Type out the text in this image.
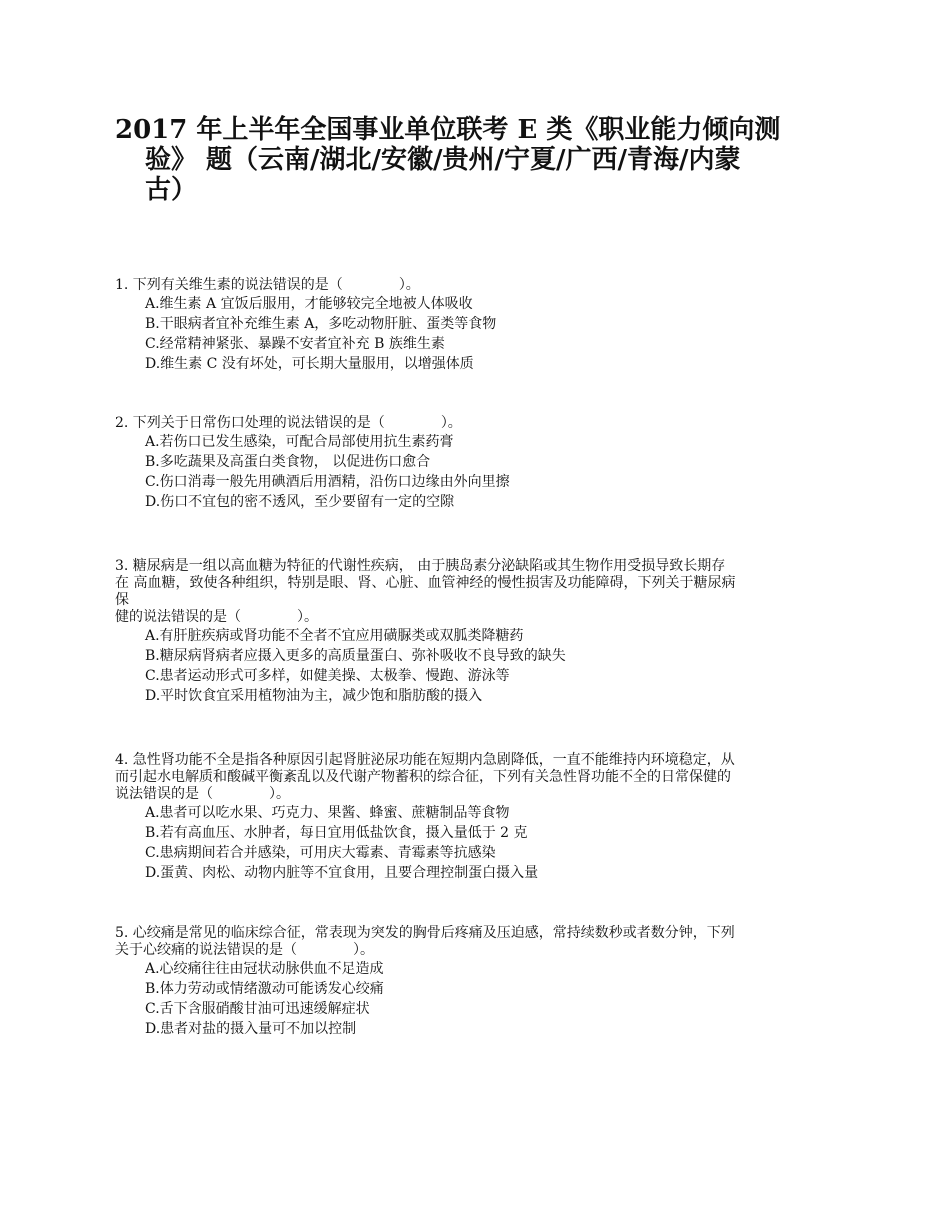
2017 年上半年全国事业单位联考 E 类《职业能力倾向测
验》 题（云南/湖北/安徽/贵州/宁夏/广西/青海/内蒙
古）
1. 下列有关维生素的说法错误的是（	）。
A.维生素 A 宜饭后服用，才能够较完全地被人体吸收
B.干眼病者宜补充维生素 A，多吃动物肝脏、蛋类等食物
C.经常精神紧张、暴躁不安者宜补充 B 族维生素
D.维生素 C 没有坏处，可长期大量服用，以增强体质
2. 下列关于日常伤口处理的说法错误的是（	）。
A.若伤口已发生感染，可配合局部使用抗生素药膏
B.多吃蔬果及高蛋白类食物， 以促进伤口愈合
C.伤口消毒一般先用碘酒后用酒精，沿伤口边缘由外向里擦
D.伤口不宜包的密不透风，至少要留有一定的空隙
3. 糖尿病是一组以高血糖为特征的代谢性疾病， 由于胰岛素分泌缺陷或其生物作用受损导致长期存
在 高血糖，致使各种组织，特别是眼、肾、心脏、血管神经的慢性损害及功能障碍，下列关于糖尿病
保
健的说法错误的是（	）。
A.有肝脏疾病或肾功能不全者不宜应用磺脲类或双胍类降糖药
B.糖尿病肾病者应摄入更多的高质量蛋白、弥补吸收不良导致的缺失
C.患者运动形式可多样，如健美操、太极拳、慢跑、游泳等
D.平时饮食宜采用植物油为主，减少饱和脂肪酸的摄入
4. 急性肾功能不全是指各种原因引起肾脏泌尿功能在短期内急剧降低，一直不能维持内环境稳定，从
而引起水电解质和酸碱平衡紊乱以及代谢产物蓄积的综合征，下列有关急性肾功能不全的日常保健的
说法错误的是（	）。
A.患者可以吃水果、巧克力、果酱、蜂蜜、蔗糖制品等食物
B.若有高血压、水肿者，每日宜用低盐饮食，摄入量低于 2 克
C.患病期间若合并感染，可用庆大霉素、青霉素等抗感染
D.蛋黄、肉松、动物内脏等不宜食用，且要合理控制蛋白摄入量
5. 心绞痛是常见的临床综合征，常表现为突发的胸骨后疼痛及压迫感，常持续数秒或者数分钟，下列
关于心绞痛的说法错误的是（	）。
A.心绞痛往往由冠状动脉供血不足造成
B.体力劳动或情绪激动可能诱发心绞痛
C.舌下含服硝酸甘油可迅速缓解症状
D.患者对盐的摄入量可不加以控制
